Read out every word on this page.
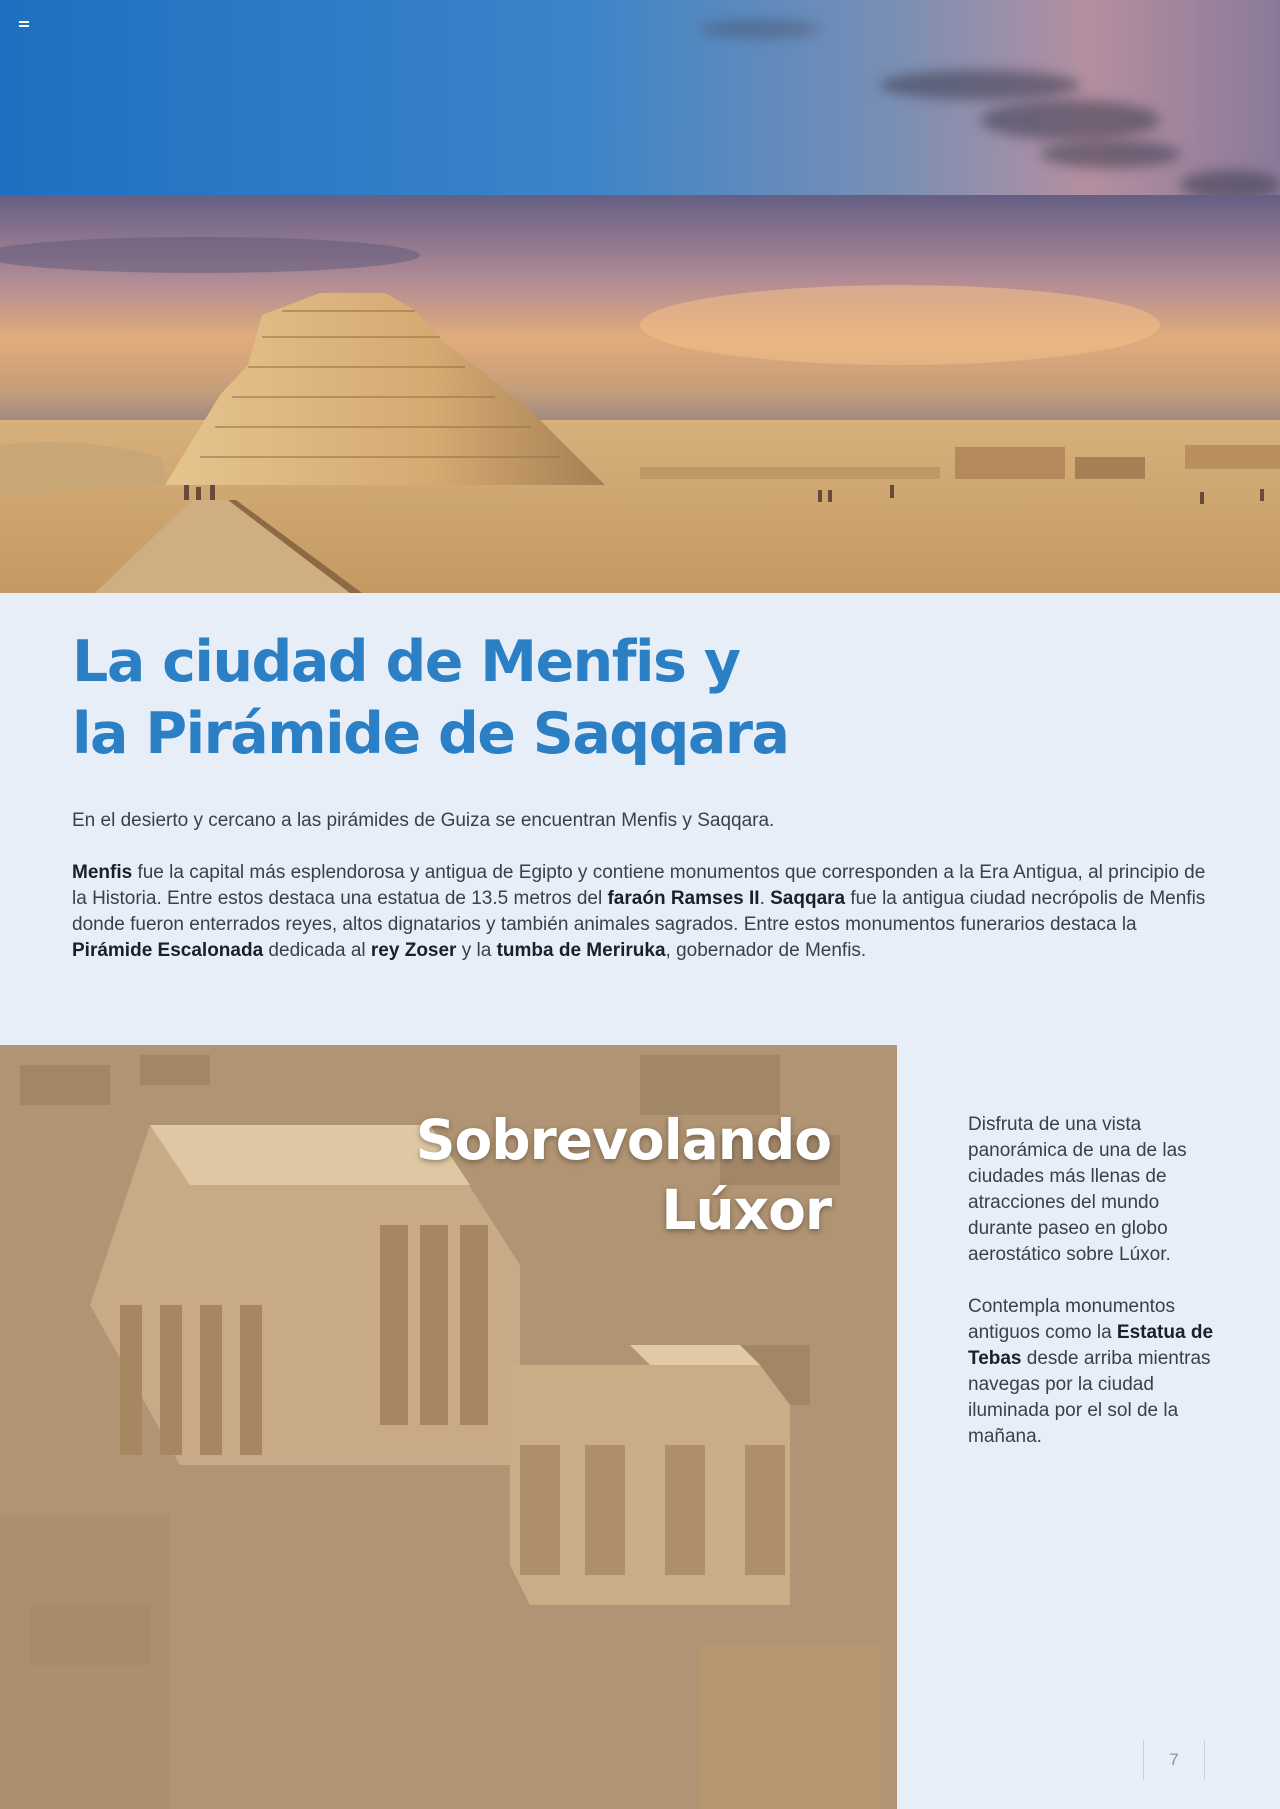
La ciudad de Menfis y
la Pirámide de Saqqara

En el desierto y cercano a las pirámides de Guiza se encuentran Menfis y Saqqara.

Menfis fue la capital más esplendorosa y antigua de Egipto y contiene monumentos que corresponden a la Era Antigua, al principio de la Historia. Entre estos destaca una estatua de 13.5 metros del faraón Ramses II. Saqqara fue la antigua ciudad necrópolis de Menfis donde fueron enterrados reyes, altos dignatarios y también animales sagrados. Entre estos monumentos funerarios destaca la Pirámide Escalonada dedicada al rey Zoser y la tumba de Meriruka, gobernador de Menfis.

Sobrevolando
Lúxor

Disfruta de una vista panorámica de una de las ciudades más llenas de atracciones del mundo durante paseo en globo aerostático sobre Lúxor.

Contempla monumentos antiguos como la Estatua de Tebas desde arriba mientras navegas por la ciudad iluminada por el sol de la mañana.

7
